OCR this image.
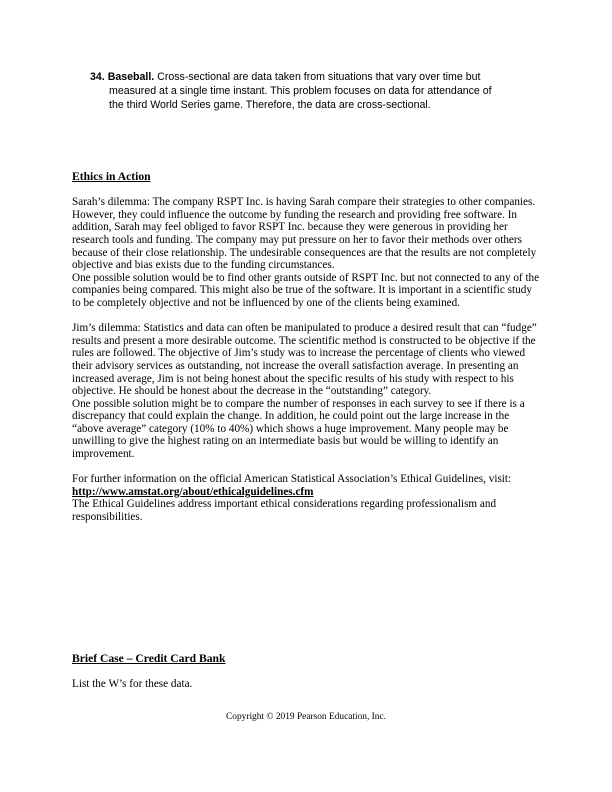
34. Baseball. Cross-sectional are data taken from situations that vary over time but
measured at a single time instant. This problem focuses on data for attendance of
the third World Series game. Therefore, the data are cross-sectional.
Ethics in Action

Sarah’s dilemma: The company RSPT Inc. is having Sarah compare their strategies to other companies. However, they could influence the outcome by funding the research and providing free software. In addition, Sarah may feel obliged to favor RSPT Inc. because they were generous in providing her research tools and funding. The company may put pressure on her to favor their methods over others because of their close relationship. The undesirable consequences are that the results are not completely objective and bias exists due to the funding circumstances.

One possible solution would be to find other grants outside of RSPT Inc. but not connected to any of the companies being compared. This might also be true of the software. It is important in a scientific study to be completely objective and not be influenced by one of the clients being examined.

Jim’s dilemma: Statistics and data can often be manipulated to produce a desired result that can “fudge” results and present a more desirable outcome. The scientific method is constructed to be objective if the rules are followed. The objective of Jim’s study was to increase the percentage of clients who viewed their advisory services as outstanding, not increase the overall satisfaction average. In presenting an increased average, Jim is not being honest about the specific results of his study with respect to his objective. He should be honest about the decrease in the “outstanding” category.

One possible solution might be to compare the number of responses in each survey to see if there is a discrepancy that could explain the change. In addition, he could point out the large increase in the “above average” category (10% to 40%) which shows a huge improvement. Many people may be unwilling to give the highest rating on an intermediate basis but would be willing to identify an improvement.

For further information on the official American Statistical Association’s Ethical Guidelines, visit:

http://www.amstat.org/about/ethicalguidelines.cfm

The Ethical Guidelines address important ethical considerations regarding professionalism and responsibilities.

Brief Case – Credit Card Bank

List the W’s for these data.

Copyright © 2019 Pearson Education, Inc.
